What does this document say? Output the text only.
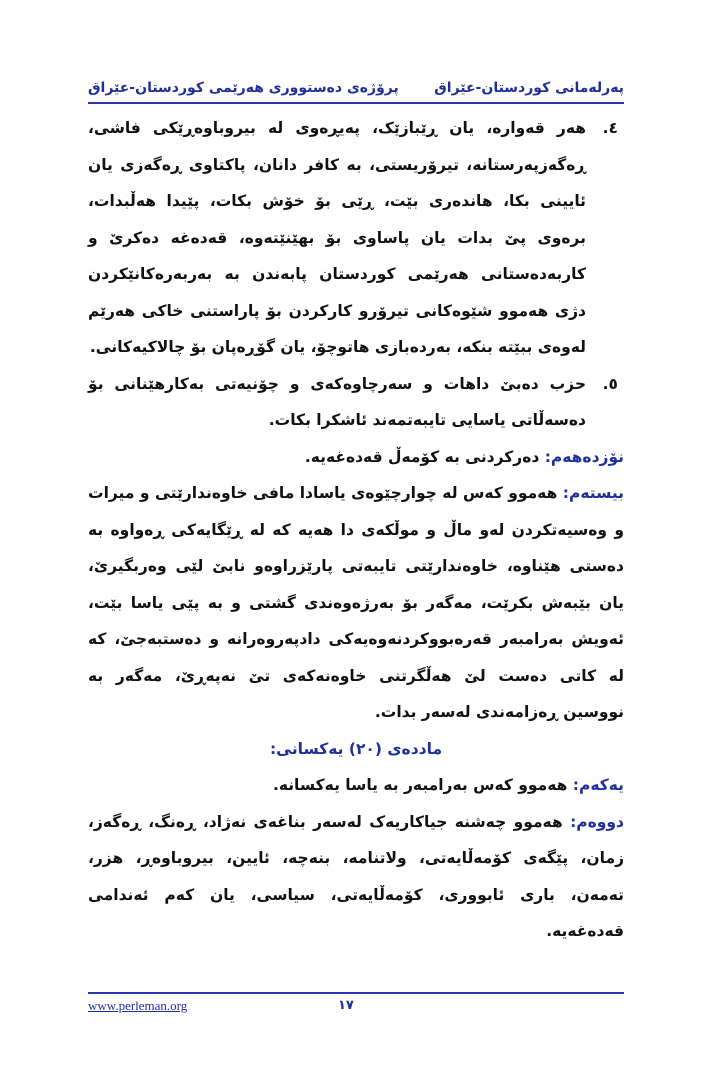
پەرلەمانی کوردستان-عێراق
پرۆژەی دەستووری هەرێمی کوردستان-عێراق
٤.
هەر قەوارە، یان ڕێبازێک، پەیڕەوی لە بیروباوەڕێکی فاشی، ڕەگەزپەرستانە، تیرۆریستی، بە کافر دانان، پاکتاوی ڕەگەزی یان ئایینی بکا، هاندەری بێت، ڕێی بۆ خۆش بکات، پێیدا هەڵبدات، برەوی پێ بدات یان پاساوی بۆ بهێنێتەوە، قەدەغە دەکرێ و کاربەدەستانی هەرێمی کوردستان پابەندن بە بەربەرەکانێکردن دژی هەموو شێوەکانی تیرۆرو کارکردن بۆ پاراستنی خاکی هەرێم لەوەی ببێتە بنکە، بەردەبازی هاتوچۆ، یان گۆڕەپان بۆ چالاکیەکانی.
٥.
حزب دەبێ داهات و سەرچاوەکەی و چۆنیەتی بەکارهێنانی بۆ دەسەڵاتی یاسایی تایبەتمەند ئاشکرا بکات.

نۆزدەهەم: دەرکردنی بە کۆمەڵ قەدەغەیە.

بیستەم: هەموو کەس لە چوارچێوەی یاسادا مافی خاوەندارێتی و میرات و وەسیەتکردن لەو ماڵ و موڵکەی دا هەیە کە لە ڕێگایەکی ڕەواوە بە دەستی هێناوە، خاوەندارێتی تایبەتی پارێزراوەو نابێ لێی وەربگیرێ، یان بێبەش بکرێت، مەگەر بۆ بەرژەوەندی گشتی و بە پێی یاسا بێت، ئەویش بەرامبەر قەرەبووکردنەوەیەکی دادپەروەرانە و دەستبەجێ، کە لە کاتی دەست لێ هەڵگرتنی خاوەنەکەی تێ نەپەڕێ، مەگەر بە نووسین ڕەزامەندی لەسەر بدات.

ماددەی (٢٠) یەکسانی:

یەکەم: هەموو کەس بەرامبەر بە یاسا یەکسانە.

دووەم: هەموو چەشنە جیاکاریەک لەسەر بناغەی نەژاد، ڕەنگ، ڕەگەز، زمان، پێگەی کۆمەڵایەتی، ولاتنامە، بنەچە، ئایین، بیروباوەڕ، هزر، تەمەن، باری ئابووری، کۆمەڵایەتی، سیاسی، یان کەم ئەندامی قەدەغەیە.

www.perleman.org	١٧
